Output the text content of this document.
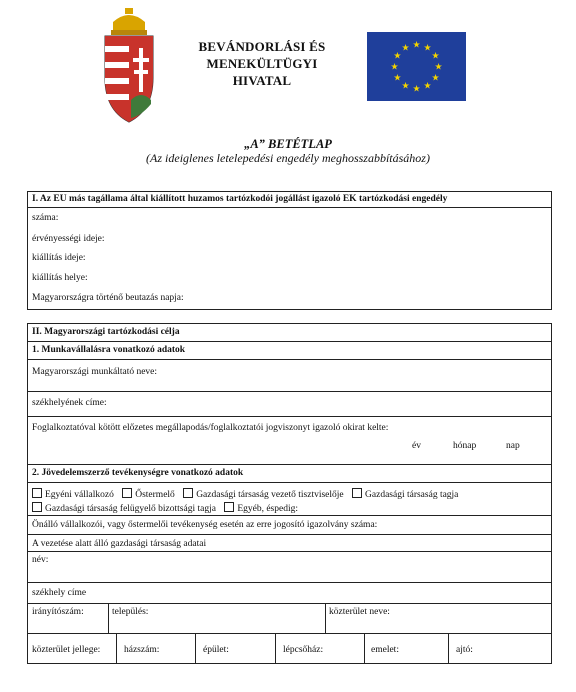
BEVÁNDORLÁSI ÉS
MENEKÜLTÜGYI
HIVATAL
★ ★
★
★
★
★
★
★
★
★
★
★
„A” BETÉTLAP
(Az ideiglenes letelepedési engedély meghosszabbításához)
I. Az EU más tagállama által kiállított huzamos tartózkodói jogállást igazoló EK tartózkodási engedély
száma:
érvényességi ideje:
kiállítás ideje:
kiállítás helye:
Magyarországra történő beutazás napja:
II. Magyarországi tartózkodási célja
1. Munkavállalásra vonatkozó adatok
Magyarországi munkáltató neve:
székhelyének címe:
Foglalkoztatóval kötött előzetes megállapodás/foglalkoztatói jogviszonyt igazoló okirat kelte:
év	hónap	nap
2. Jövedelemszerző tevékenységre vonatkozó adatok
Egyéni vállalkozó Őstermelő Gazdasági társaság vezető tisztviselője Gazdasági társaság tagja
Gazdasági társaság felügyelő bizottsági tagja Egyéb, éspedig:
Önálló vállalkozói, vagy őstermelői tevékenység esetén az erre jogosító igazolvány száma:
A vezetése alatt álló gazdasági társaság adatai
név:
székhely címe
irányítószám:	település:	közterület neve:
közterület jellege: házszám:	épület:	lépcsőház:	emelet:	ajtó:
